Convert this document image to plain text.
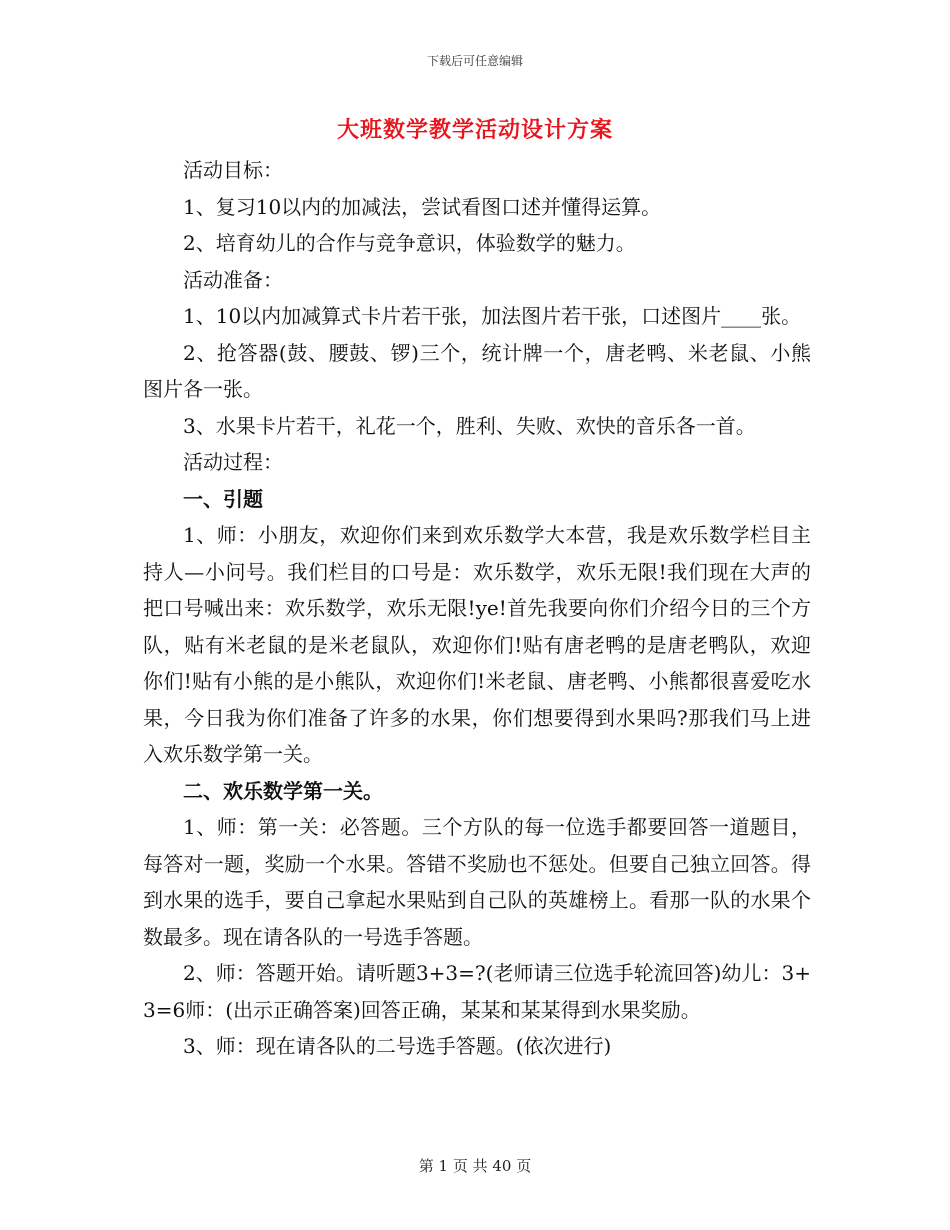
下载后可任意编辑
大班数学教学活动设计方案

活动目标：

1、复习10以内的加减法，尝试看图口述并懂得运算。

2、培育幼儿的合作与竞争意识，体验数学的魅力。

活动准备：

1、10以内加减算式卡片若干张，加法图片若干张，口述图片____张。

2、抢答器(鼓、腰鼓、锣)三个，统计牌一个，唐老鸭、米老鼠、小熊图片各一张。

3、水果卡片若干，礼花一个，胜利、失败、欢快的音乐各一首。

活动过程：

一、引题

1、师：小朋友，欢迎你们来到欢乐数学大本营，我是欢乐数学栏目主持人—小问号。我们栏目的口号是：欢乐数学，欢乐无限!我们现在大声的把口号喊出来：欢乐数学，欢乐无限!ye!首先我要向你们介绍今日的三个方队，贴有米老鼠的是米老鼠队，欢迎你们!贴有唐老鸭的是唐老鸭队，欢迎你们!贴有小熊的是小熊队，欢迎你们!米老鼠、唐老鸭、小熊都很喜爱吃水果，今日我为你们准备了许多的水果，你们想要得到水果吗?那我们马上进入欢乐数学第一关。

二、欢乐数学第一关。

1、师：第一关：必答题。三个方队的每一位选手都要回答一道题目，每答对一题，奖励一个水果。答错不奖励也不惩处。但要自己独立回答。得到水果的选手，要自己拿起水果贴到自己队的英雄榜上。看那一队的水果个数最多。现在请各队的一号选手答题。

2、师：答题开始。请听题3+3=?(老师请三位选手轮流回答)幼儿：3+3=6师：(出示正确答案)回答正确，某某和某某得到水果奖励。

3、师：现在请各队的二号选手答题。(依次进行)

第 1 页 共 40 页
